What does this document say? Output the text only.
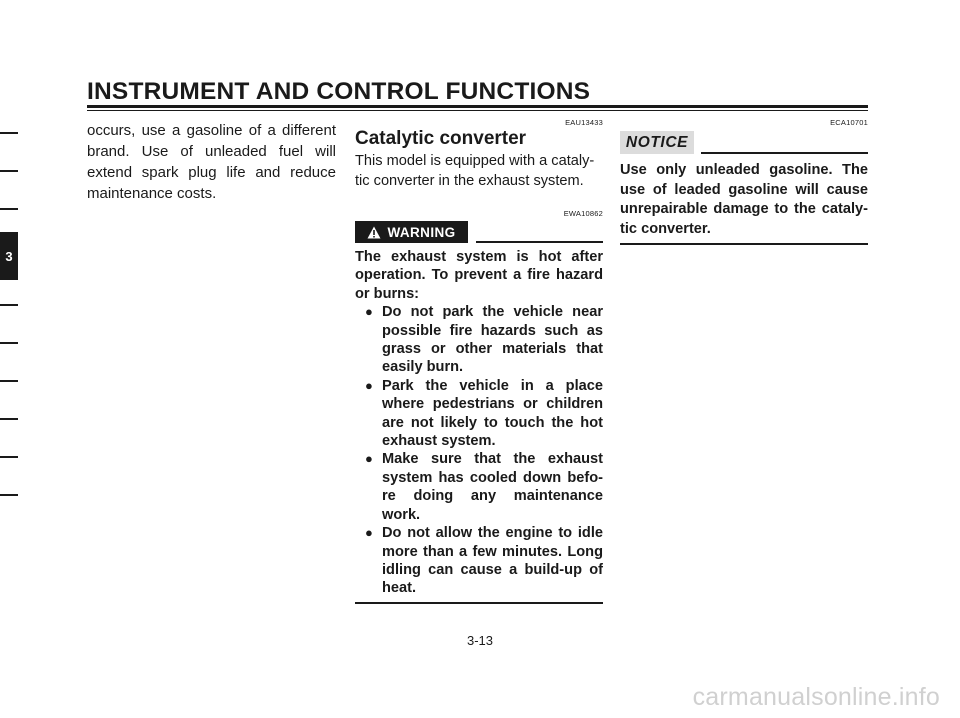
INSTRUMENT AND CONTROL FUNCTIONS
3

occurs, use a gasoline of a different brand. Use of unleaded fuel will extend spark plug life and reduce maintenance costs.

EAU13433
Catalytic converter

This model is equipped with a cataly-tic converter in the exhaust system.

EWA10862
WARNING

The exhaust system is hot after operation. To prevent a fire hazard or burns:

● Do not park the vehicle near possible fire hazards such as grass or other materials that easily burn.
● Park the vehicle in a place where pedestrians or children are not likely to touch the hot exhaust system.
● Make sure that the exhaust system has cooled down befo-re doing any maintenance work.
● Do not allow the engine to idle more than a few minutes. Long idling can cause a build-up of heat.
ECA10701
NOTICE

Use only unleaded gasoline. The use of leaded gasoline will cause unrepairable damage to the cataly-tic converter.

3-13
carmanualsonline.info
